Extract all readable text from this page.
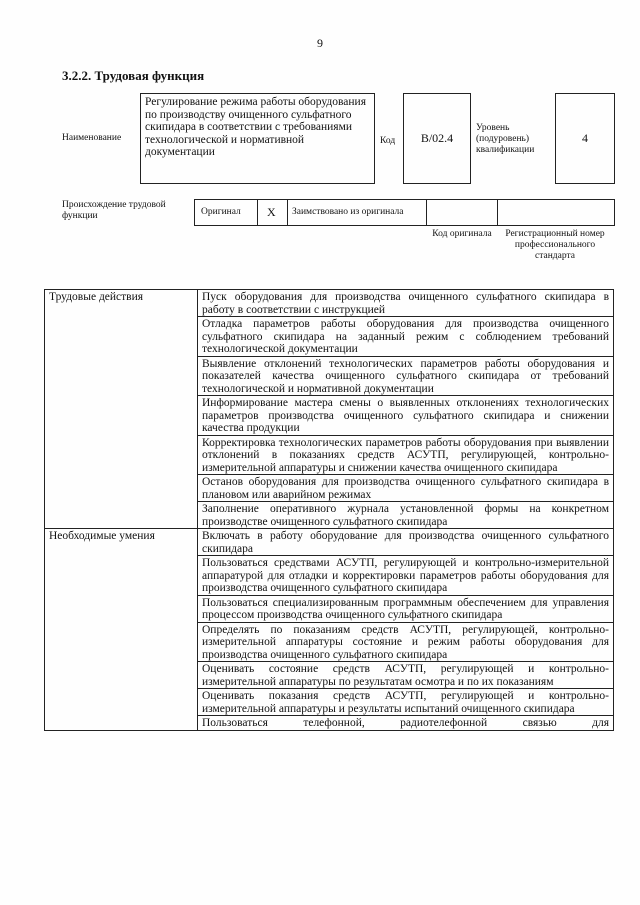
9
3.2.2. Трудовая функция
Наименование
Регулирование режима работы оборудования по производству очищенного сульфатного скипидара в соответствии с требованиями технологической и нормативной документации
Код B/02.4
Уровень (подуровень) квалификации
4
Происхождение трудовой функции	Оригинал X Заимствовано из оригинала
Код оригинала Регистрационный номер профессионального стандарта
Трудовые действия	Пуск оборудования для производства очищенного сульфатного скипидара в работу в соответствии с инструкцией
	Отладка параметров работы оборудования для производства очищенного сульфатного скипидара на заданный режим с соблюдением требований технологической документации
	Выявление отклонений технологических параметров работы оборудования и показателей качества очищенного сульфатного скипидара от требований технологической и нормативной документации
	Информирование мастера смены о выявленных отклонениях технологических параметров производства очищенного сульфатного скипидара и снижении качества продукции
	Корректировка технологических параметров работы оборудования при выявлении отклонений в показаниях средств АСУТП, регулирующей, контрольно-измерительной аппаратуры и снижении качества очищенного скипидара
	Останов оборудования для производства очищенного сульфатного скипидара в плановом или аварийном режимах
	Заполнение оперативного журнала установленной формы на конкретном производстве очищенного сульфатного скипидара
Необходимые умения	Включать в работу оборудование для производства очищенного сульфатного скипидара
	Пользоваться средствами АСУТП, регулирующей и контрольно-измерительной аппаратурой для отладки и корректировки параметров работы оборудования для производства очищенного сульфатного скипидара
	Пользоваться специализированным программным обеспечением для управления процессом производства очищенного сульфатного скипидара
	Определять по показаниям средств АСУТП, регулирующей, контрольно-измерительной аппаратуры состояние и режим работы оборудования для производства очищенного сульфатного скипидара
	Оценивать состояние средств АСУТП, регулирующей и контрольно-измерительной аппаратуры по результатам осмотра и по их показаниям
	Оценивать показания средств АСУТП, регулирующей и контрольно-измерительной аппаратуры и результаты испытаний очищенного скипидара
	Пользоваться телефонной, радиотелефонной связью для
